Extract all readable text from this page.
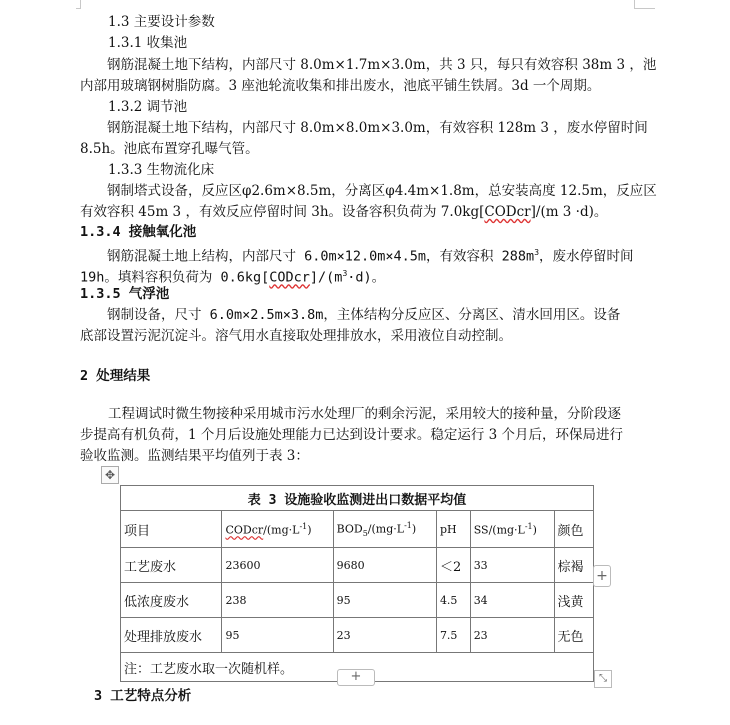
1.3 主要设计参数
1.3.1 收集池
钢筋混凝土地下结构，内部尺寸 8.0m×1.7m×3.0m，共 3 只，每只有效容积 38m 3 ，池
内部用玻璃钢树脂防腐。3 座池轮流收集和排出废水，池底平铺生铁屑。3d 一个周期。
1.3.2 调节池
钢筋混凝土地下结构，内部尺寸 8.0m×8.0m×3.0m，有效容积 128m 3 ，废水停留时间
8.5h。池底布置穿孔曝气管。
1.3.3 生物流化床
钢制塔式设备，反应区φ2.6m×8.5m，分离区φ4.4m×1.8m，总安装高度 12.5m，反应区
有效容积 45m 3 ，有效反应停留时间 3h。设备容积负荷为 7.0kg[CODcr]/(m 3 ·d)。
1.3.4 接触氧化池
钢筋混凝土地上结构，内部尺寸 6.0m×12.0m×4.5m，有效容积 $288m^3$，废水停留时间
19h。填料容积负荷为 $0.6kg[CODcr]/(m^3\cdot d)$。
1.3.5 气浮池
钢制设备，尺寸 6.0m×2.5m×3.8m，主体结构分反应区、分离区、清水回用区。设备
底部设置污泥沉淀斗。溶气用水直接取处理排放水，采用液位自动控制。
2 处理结果
工程调试时微生物接种采用城市污水处理厂的剩余污泥，采用较大的接种量，分阶段逐
步提高有机负荷，1 个月后设施处理能力已达到设计要求。稳定运行 3 个月后，环保局进行
验收监测。监测结果平均值列于表 3：
✥
表 3 设施验收监测进出口数据平均值					
项目	CODcr/$(mg\cdot L^{-1})$	$BOD_5/(mg\cdot L^{-1})$	pH	$SS/(mg\cdot L^{-1})$	颜色
工艺废水	23600	9680	＜2	33	棕褐
低浓度废水	238	95	4.5	34	浅黄
处理排放废水	95	23	7.5	23	无色
注：工艺废水取一次随机样。					
+
+	⤡
3 工艺特点分析
